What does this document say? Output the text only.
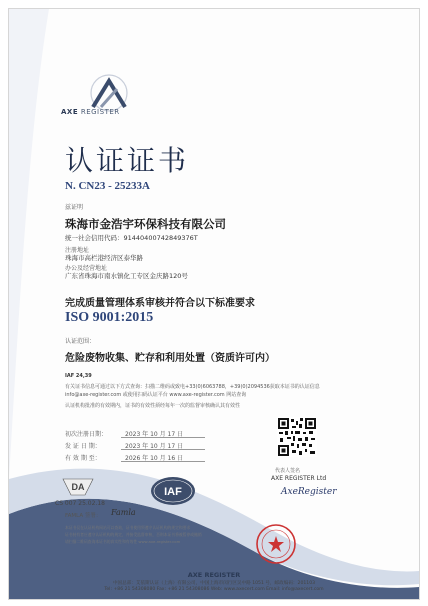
AXE REGISTER
认证证书
N. CN23 - 25233A
兹证明
珠海市金浩宇环保科技有限公司
统一社会信用代码：91440400742849376T
注册地址
珠海市高栏港经济区泰华路
办公及经营地址
广东省珠海市南水镇化工专区金庆路120号
完成质量管理体系审核并符合以下标准要求
ISO 9001:2015
认证范围：
危险废物收集、贮存和利用处置（资质许可内）
IAF 24,39
有关证书信息可通过以下方式查询：扫描二维码或致电+33(0)6063788，+39(0)2094536获取本证书的认证信息
info@axe-register.com 或使用扫码认证平台 www.axe-register.com 网站查询
认证机构批准的有效期内，证书的有效性须经每年一次的监督审核确认其有效性
初次注册日期：	2023 年 10 月 17 日
发 证 日 期：	2023 年 10 月 17 日
有 效 期 至：	2026 年 10 月 16 日
DA
CS 007 25.02.18
IAF
代表人签名
AXE REGISTER Ltd
AxeRegister
FAMLA 签署： Famla
本证书仅在认证机构网站可以查询，证书使用须遵守认证机构的规定和要求
证书持有者应遵守认证机构的规定，并接受监督审核，否则本证书将被暂停或撤销
请扫描二维码查询本证书的真实性和有效性 www.axe-register.com
AXE REGISTER
中国总部：艾依斯认证（上海）有限公司，中国上海市闵行区吴中路 1051 号，邮政编码：201103
Tel: +86 21 54308080 Fax: +86 21 54308086 Web: www.axecert.com Email: info@axecert.com
